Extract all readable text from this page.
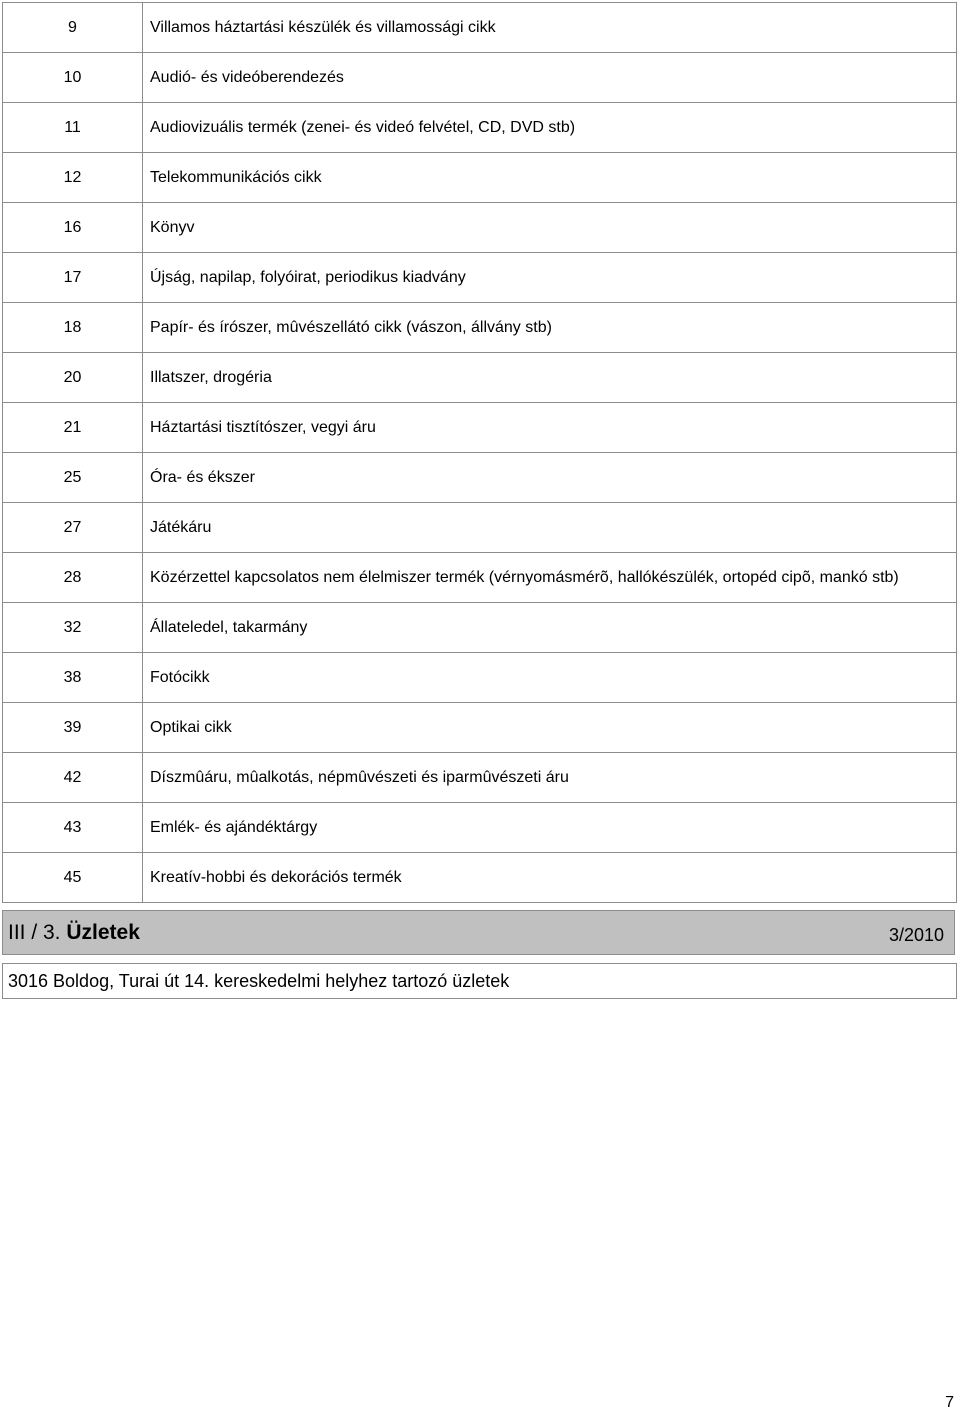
9	Villamos háztartási készülék és villamossági cikk
10	Audió- és videóberendezés
11	Audiovizuális termék (zenei- és videó felvétel, CD, DVD stb)
12	Telekommunikációs cikk
16	Könyv
17	Újság, napilap, folyóirat, periodikus kiadvány
18	Papír- és írószer, mûvészellátó cikk (vászon, állvány stb)
20	Illatszer, drogéria
21	Háztartási tisztítószer, vegyi áru
25	Óra- és ékszer
27	Játékáru
28	Közérzettel kapcsolatos nem élelmiszer termék (vérnyomásmérõ, hallókészülék, ortopéd cipõ, mankó stb)
32	Állateledel, takarmány
38	Fotócikk
39	Optikai cikk
42	Díszmûáru, mûalkotás, népmûvészeti és iparmûvészeti áru
43	Emlék- és ajándéktárgy
45	Kreatív-hobbi és dekorációs termék
III / 3. Üzletek	3/2010
3016 Boldog, Turai út 14. kereskedelmi helyhez tartozó üzletek
7
